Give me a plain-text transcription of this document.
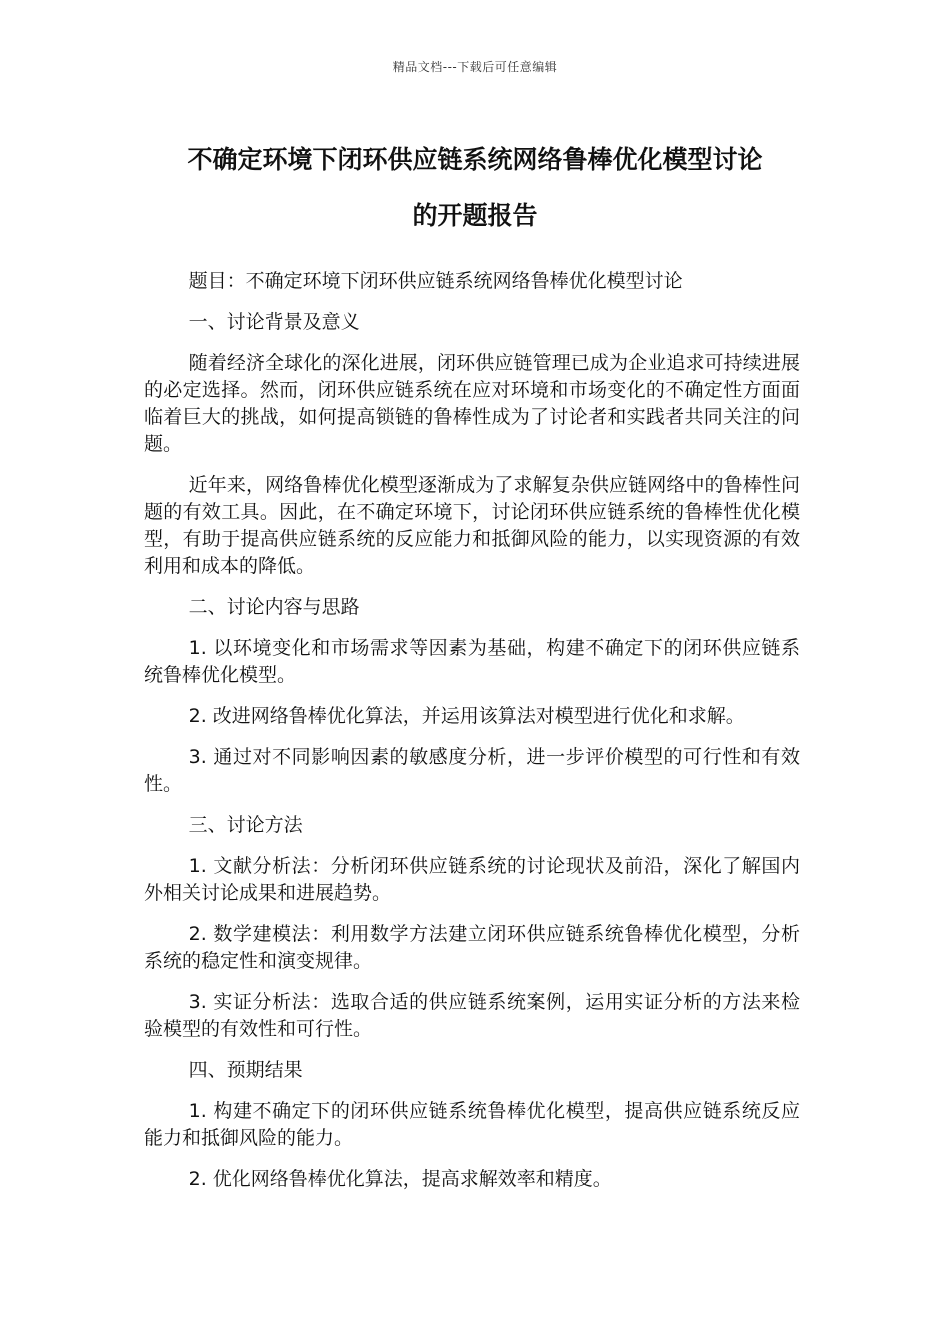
精品文档---下载后可任意编辑
不确定环境下闭环供应链系统网络鲁棒优化模型讨论
的开题报告

题目：不确定环境下闭环供应链系统网络鲁棒优化模型讨论

一、讨论背景及意义

随着经济全球化的深化进展，闭环供应链管理已成为企业追求可持续进展的必定选择。然而，闭环供应链系统在应对环境和市场变化的不确定性方面面临着巨大的挑战，如何提高锁链的鲁棒性成为了讨论者和实践者共同关注的问题。

近年来，网络鲁棒优化模型逐渐成为了求解复杂供应链网络中的鲁棒性问题的有效工具。因此，在不确定环境下，讨论闭环供应链系统的鲁棒性优化模型，有助于提高供应链系统的反应能力和抵御风险的能力，以实现资源的有效利用和成本的降低。

二、讨论内容与思路

1. 以环境变化和市场需求等因素为基础，构建不确定下的闭环供应链系统鲁棒优化模型。

2. 改进网络鲁棒优化算法，并运用该算法对模型进行优化和求解。

3. 通过对不同影响因素的敏感度分析，进一步评价模型的可行性和有效性。

三、讨论方法

1. 文献分析法：分析闭环供应链系统的讨论现状及前沿，深化了解国内外相关讨论成果和进展趋势。

2. 数学建模法：利用数学方法建立闭环供应链系统鲁棒优化模型，分析系统的稳定性和演变规律。

3. 实证分析法：选取合适的供应链系统案例，运用实证分析的方法来检验模型的有效性和可行性。

四、预期结果

1. 构建不确定下的闭环供应链系统鲁棒优化模型，提高供应链系统反应能力和抵御风险的能力。

2. 优化网络鲁棒优化算法，提高求解效率和精度。
